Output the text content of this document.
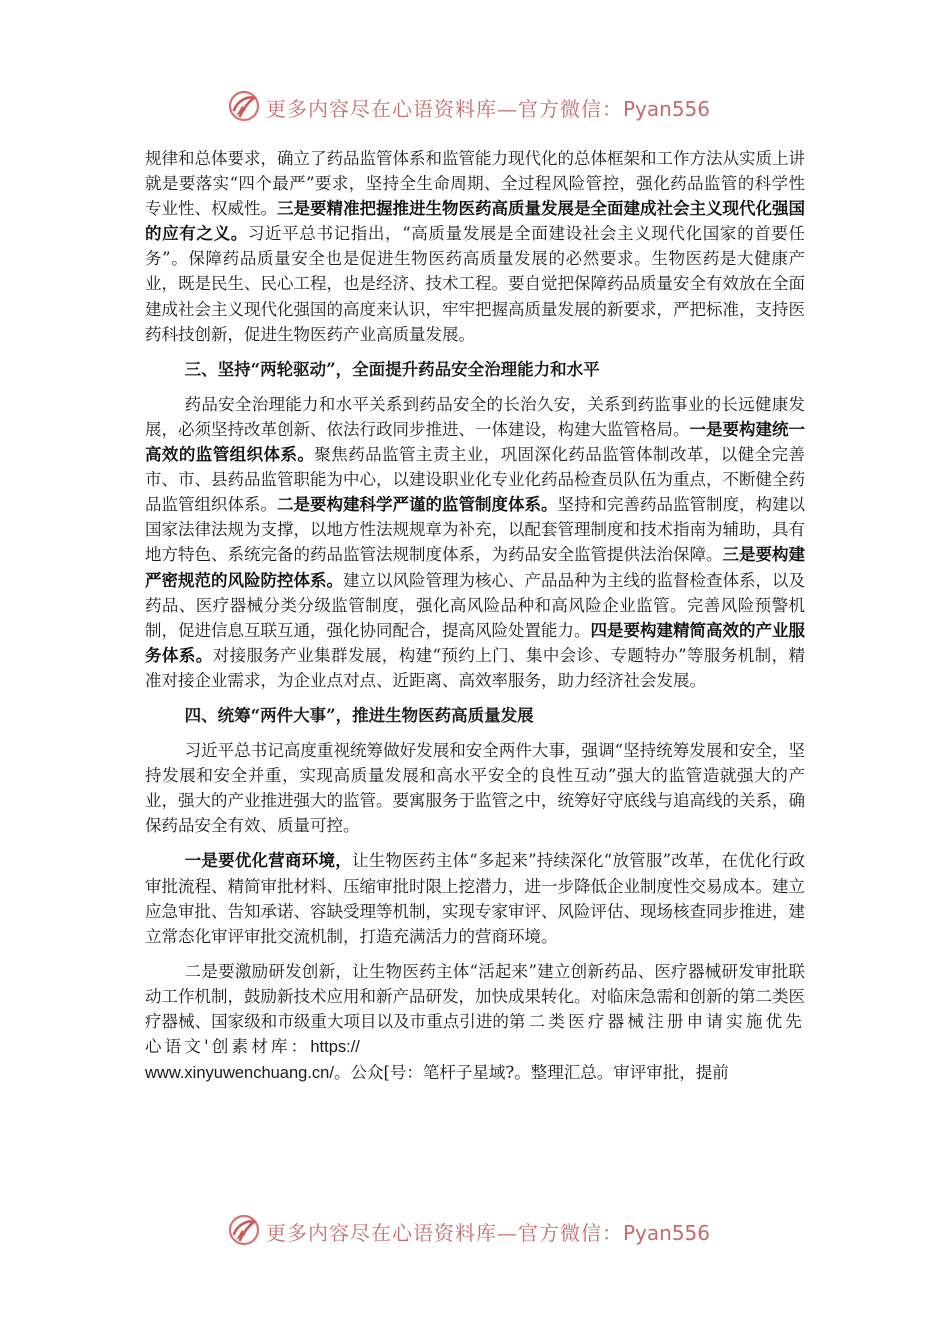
更多内容尽在心语资料库—官方微信：Pyan556

规律和总体要求，确立了药品监管体系和监管能力现代化的总体框架和工作方法从实质上讲就是要落实“四个最严”要求，坚持全生命周期、全过程风险管控，强化药品监管的科学性专业性、权威性。三是要精准把握推进生物医药高质量发展是全面建成社会主义现代化强国的应有之义。习近平总书记指出，“高质量发展是全面建设社会主义现代化国家的首要任务”。保障药品质量安全也是促进生物医药高质量发展的必然要求。生物医药是大健康产业，既是民生、民心工程，也是经济、技术工程。要自觉把保障药品质量安全有效放在全面建成社会主义现代化强国的高度来认识，牢牢把握高质量发展的新要求，严把标准，支持医药科技创新，促进生物医药产业高质量发展。

三、坚持“两轮驱动”，全面提升药品安全治理能力和水平

药品安全治理能力和水平关系到药品安全的长治久安，关系到药监事业的长远健康发展，必须坚持改革创新、依法行政同步推进、一体建设，构建大监管格局。一是要构建统一高效的监管组织体系。聚焦药品监管主责主业，巩固深化药品监管体制改革，以健全完善市、市、县药品监管职能为中心，以建设职业化专业化药品检查员队伍为重点，不断健全药品监管组织体系。二是要构建科学严谨的监管制度体系。坚持和完善药品监管制度，构建以国家法律法规为支撑，以地方性法规规章为补充，以配套管理制度和技术指南为辅助，具有地方特色、系统完备的药品监管法规制度体系，为药品安全监管提供法治保障。三是要构建严密规范的风险防控体系。建立以风险管理为核心、产品品种为主线的监督检查体系，以及药品、医疗器械分类分级监管制度，强化高风险品种和高风险企业监管。完善风险预警机制，促进信息互联互通，强化协同配合，提高风险处置能力。四是要构建精简高效的产业服务体系。对接服务产业集群发展，构建“预约上门、集中会诊、专题特办”等服务机制，精准对接企业需求，为企业点对点、近距离、高效率服务，助力经济社会发展。

四、统筹“两件大事”，推进生物医药高质量发展

习近平总书记高度重视统筹做好发展和安全两件大事，强调“坚持统筹发展和安全，坚持发展和安全并重，实现高质量发展和高水平安全的良性互动”强大的监管造就强大的产业，强大的产业推进强大的监管。要寓服务于监管之中，统筹好守底线与追高线的关系，确保药品安全有效、质量可控。

一是要优化营商环境，让生物医药主体“多起来”持续深化“放管服”改革，在优化行政审批流程、精简审批材料、压缩审批时限上挖潜力，进一步降低企业制度性交易成本。建立应急审批、告知承诺、容缺受理等机制，实现专家审评、风险评估、现场核查同步推进，建立常态化审评审批交流机制，打造充满活力的营商环境。

二是要激励研发创新，让生物医药主体“活起来”建立创新药品、医疗器械研发审批联动工作机制，鼓励新技术应用和新产品研发，加快成果转化。对临床急需和创新的第二类医疗器械、国家级和市级重大项目以及市重点引进的第二类医疗器械注册申请实施优先心语文'创素材库：https://
www.xinyuwenchuang.cn/。公众[号：笔杆子星域?。整理汇总。审评审批，提前

更多内容尽在心语资料库—官方微信：Pyan556
